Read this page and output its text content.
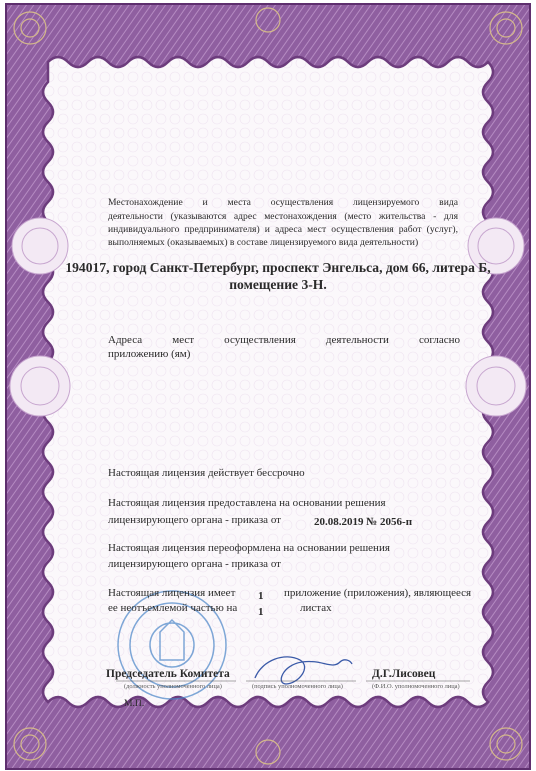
Местонахождение и места осуществления лицензируемого вида
деятельности (указываются адрес местонахождения (место жительства - для
индивидуального предпринимателя) и адреса мест осуществления работ (услуг),
выполняемых (оказываемых) в составе лицензируемого вида деятельности)
194017, город Санкт-Петербург, проспект Энгельса, дом 66, литера Б,
помещение 3-Н.
Адреса мест осуществления деятельности согласно
приложению (ям)
Настоящая лицензия действует бессрочно
Настоящая лицензия предоставлена на основании решения
лицензирующего органа - приказа от	20.08.2019 № 2056-п
Настоящая лицензия переоформлена на основании решения
лицензирующего органа - приказа от
Настоящая лицензия имеет
ее неотъемлемой частью на
1
1
приложение (приложения), являющееся
листах
Председатель Комитета	Д.Г.Лисовец
(должность уполномоченного лица)	(подпись уполномоченного лица)	(Ф.И.О. уполномоченного лица)
М.П.
